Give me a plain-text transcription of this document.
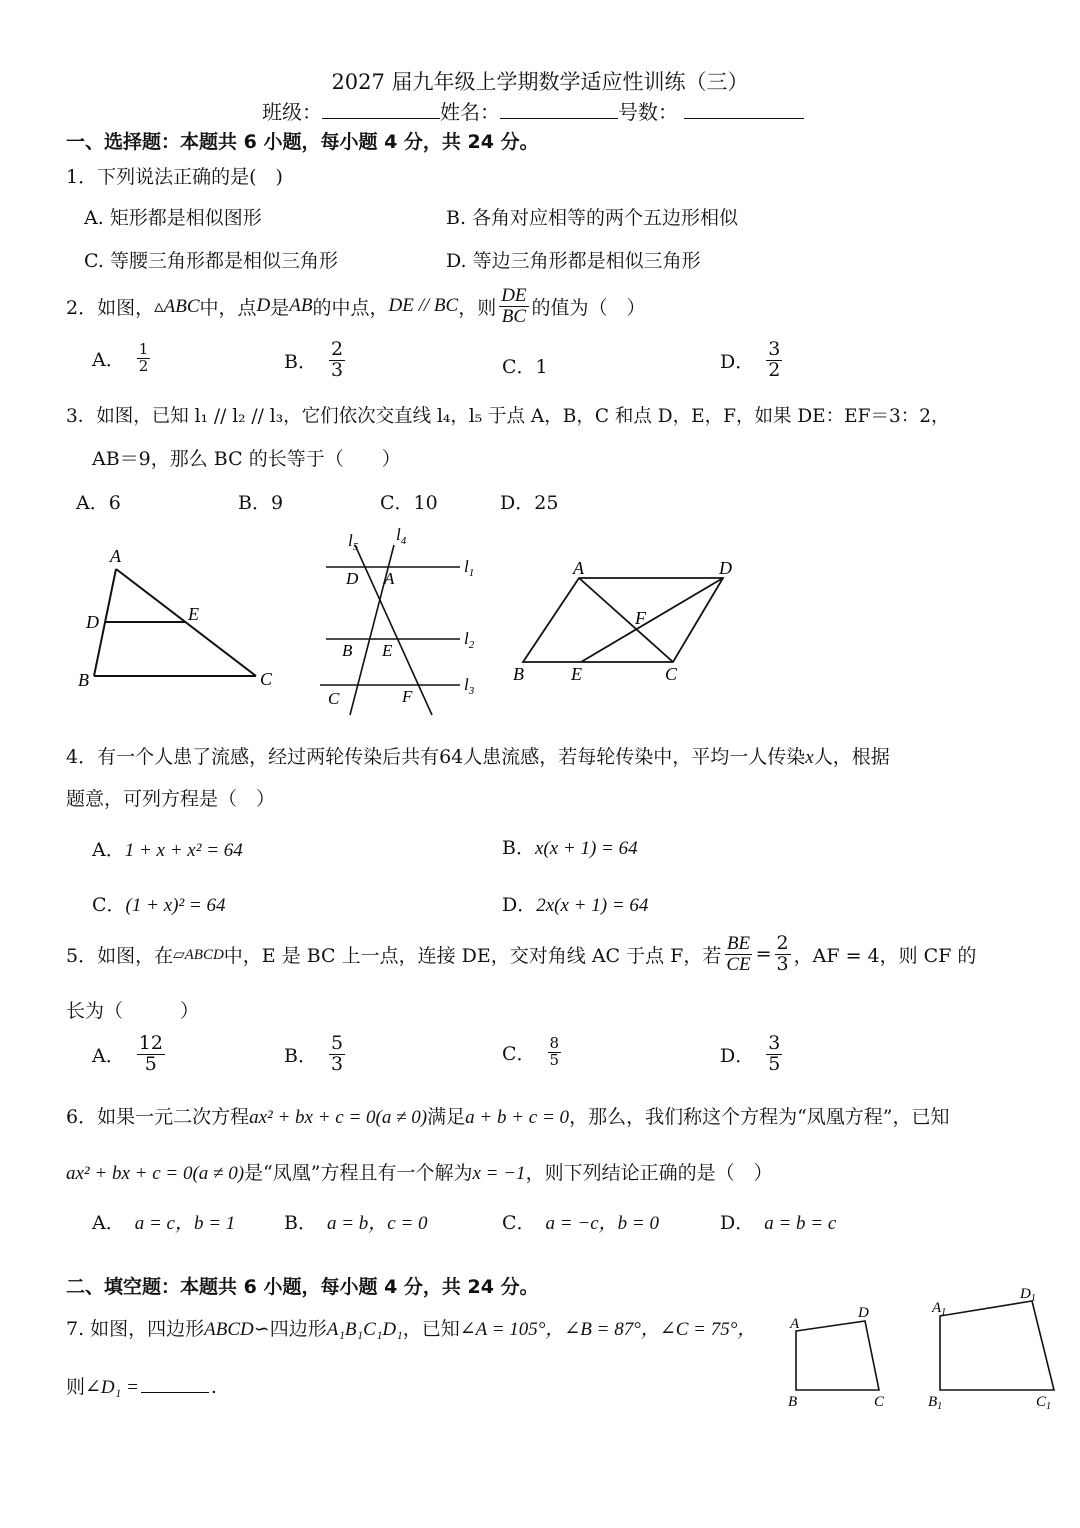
2027 届九年级上学期数学适应性训练（三）
班级：	姓名：	号数：
一、选择题：本题共 6 小题，每小题 4 分，共 24 分。
1．下列说法正确的是(　)
A. 矩形都是相似图形	B. 各角对应相等的两个五边形相似
C. 等腰三角形都是相似三角形	D. 等边三角形都是相似三角形
2．如图， ▵ABC 中，点 D 是 AB 的中点， DE // BC ，则 $\frac{DE}{BC}$ 的值为（　）
A． $\frac{1}{2}$	B． $\frac{2}{3}$	C．1	D． $\frac{3}{2}$
3．如图，已知 l₁ // l₂ // l₃，它们依次交直线 l₄，l₅ 于点 A，B，C 和点 D，E，F，如果 DE：EF＝3：2，
AB＝9，那么 BC 的长等于（　　）
A．6	B．9	C．10	D．25
A
B	C
D	E
$l_5$
$l_4$
$l_1$
$l_2$
$l_3$
D A
B E
C	F
A	D
F
B	E	C
4．有一个人患了流感，经过两轮传染后共有64人患流感，若每轮传染中，平均一人传染x人，根据
题意，可列方程是（　）
A．1 + x + x² = 64	B．x(x + 1) = 64
C．(1 + x)² = 64	D．2x(x + 1) = 64
5．如图，在 ▱ABCD 中，E 是 BC 上一点，连接 DE，交对角线 AC 于点 F，若 $\frac{BE}{CE} = \frac{2}{3}$ ，AF = 4，则 CF 的
长为（　　　）
A． $\frac{12}{5}$	B． $\frac{5}{3}$	C． $\frac{8}{5}$	D． $\frac{3}{5}$
6．如果一元二次方程ax² + bx + c = 0(a ≠ 0)满足a + b + c = 0，那么，我们称这个方程为“凤凰方程”，已知
ax² + bx + c = 0(a ≠ 0)是“凤凰”方程且有一个解为x = −1，则下列结论正确的是（　）
A． a = c，b = 1	B． a = b，c = 0	C． a = −c，b = 0	D． a = b = c
二、填空题：本题共 6 小题，每小题 4 分，共 24 分。
7. 如图，四边形ABCD∽四边形A₁B₁C₁D₁，已知∠A = 105°，∠B = 87°，∠C = 75°，
则∠D₁ =	.
A
D
B	C
$A_1$
$D_1$
$B_1$	$C_1$
